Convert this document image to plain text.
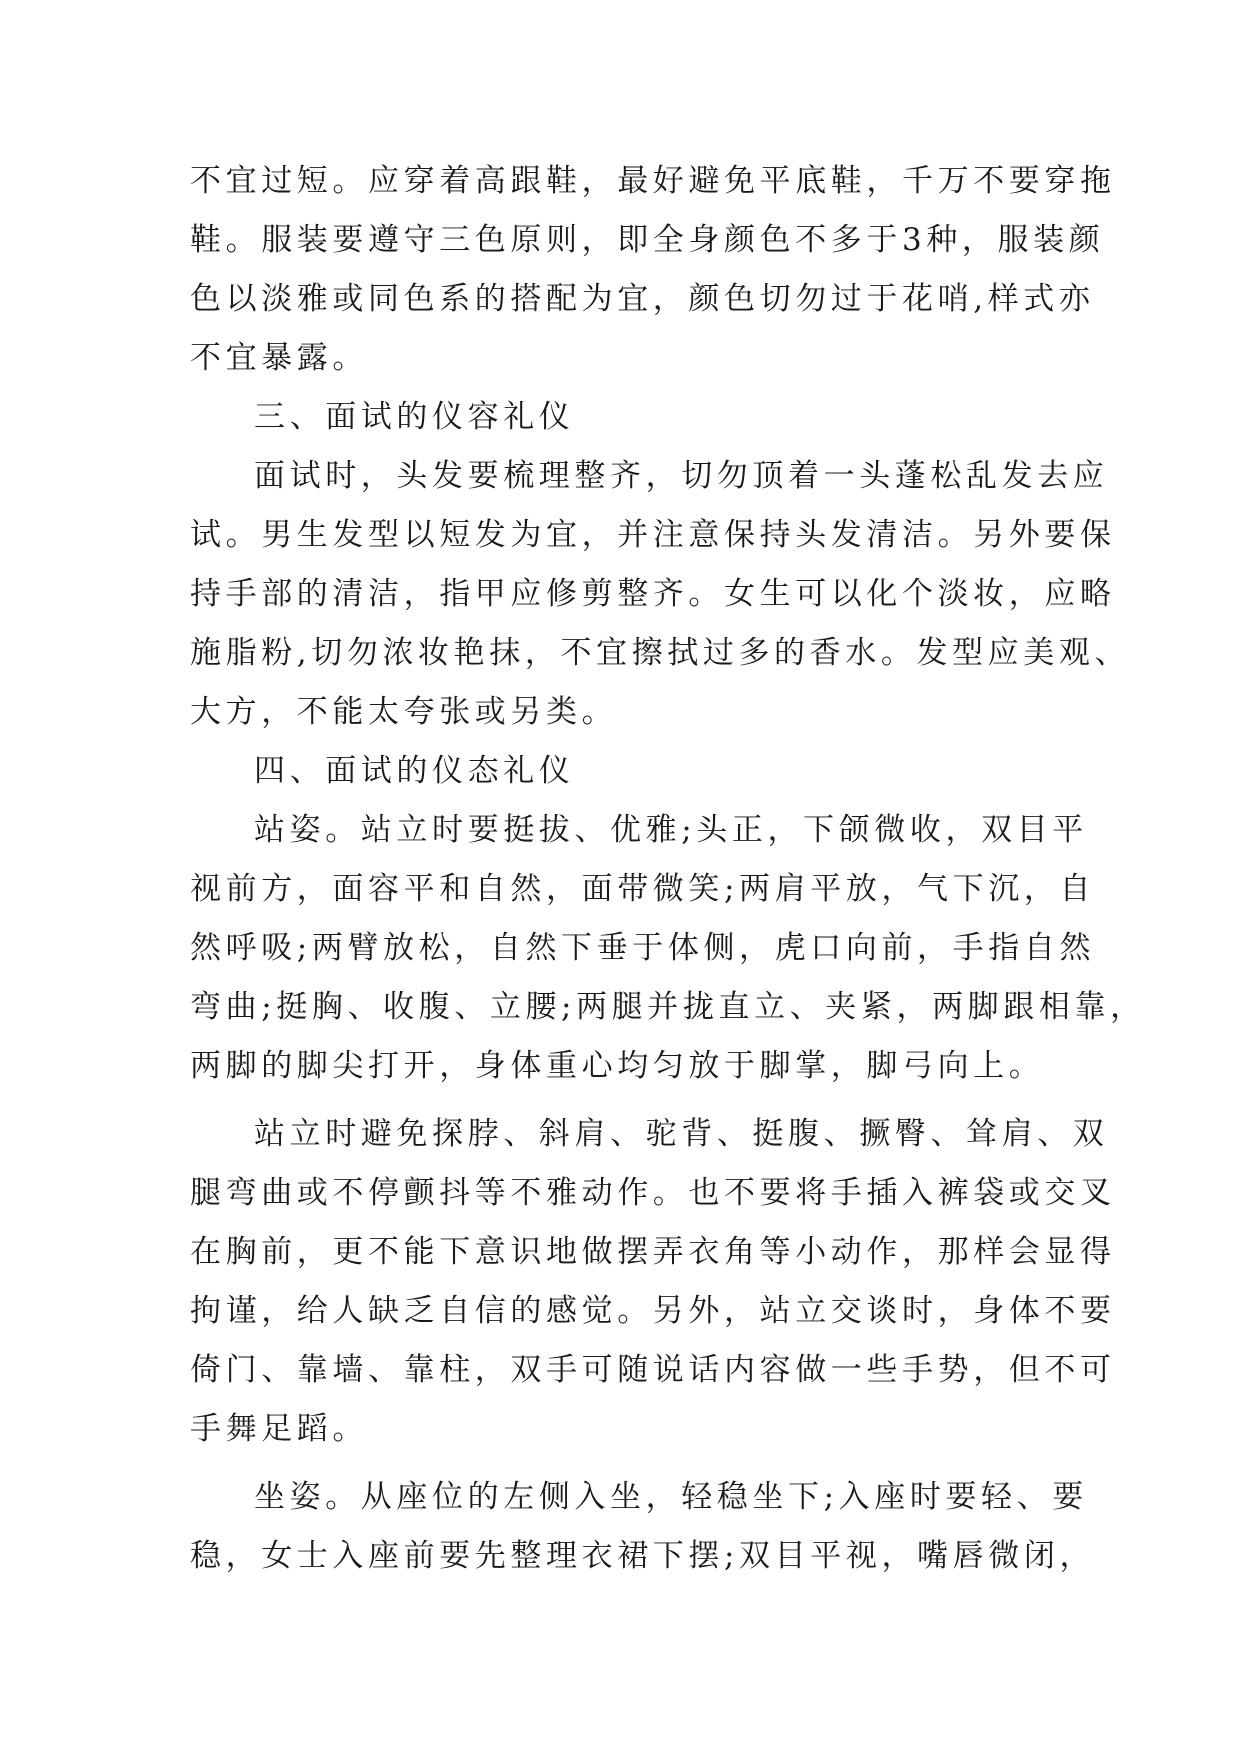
不宜过短。应穿着高跟鞋，最好避免平底鞋，千万不要穿拖
鞋。服装要遵守三色原则，即全身颜色不多于3种，服装颜
色以淡雅或同色系的搭配为宜，颜色切勿过于花哨,样式亦
不宜暴露。
三、面试的仪容礼仪
面试时，头发要梳理整齐，切勿顶着一头蓬松乱发去应
试。男生发型以短发为宜，并注意保持头发清洁。另外要保
持手部的清洁，指甲应修剪整齐。女生可以化个淡妆，应略
施脂粉,切勿浓妆艳抹，不宜擦拭过多的香水。发型应美观、
大方，不能太夸张或另类。
四、面试的仪态礼仪
站姿。站立时要挺拔、优雅;头正，下颌微收，双目平
视前方，面容平和自然，面带微笑;两肩平放，气下沉，自
然呼吸;两臂放松，自然下垂于体侧，虎口向前，手指自然
弯曲;挺胸、收腹、立腰;两腿并拢直立、夹紧，两脚跟相靠，
两脚的脚尖打开，身体重心均匀放于脚掌，脚弓向上。
站立时避免探脖、斜肩、驼背、挺腹、撅臀、耸肩、双
腿弯曲或不停颤抖等不雅动作。也不要将手插入裤袋或交叉
在胸前，更不能下意识地做摆弄衣角等小动作，那样会显得
拘谨，给人缺乏自信的感觉。另外，站立交谈时，身体不要
倚门、靠墙、靠柱，双手可随说话内容做一些手势，但不可
手舞足蹈。
坐姿。从座位的左侧入坐，轻稳坐下;入座时要轻、要
稳，女士入座前要先整理衣裙下摆;双目平视，嘴唇微闭，
